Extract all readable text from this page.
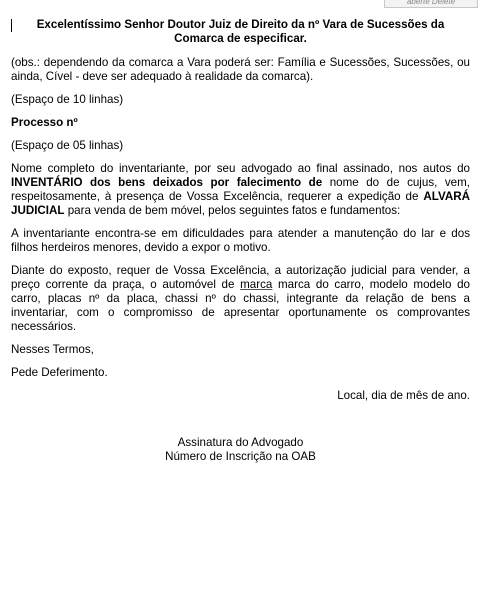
aberte Delete
Excelentíssimo Senhor Doutor Juiz de Direito da nº Vara de Sucessões da Comarca de especificar.

(obs.: dependendo da comarca a Vara poderá ser: Família e Sucessões, Sucessões, ou ainda, Cível - deve ser adequado à realidade da comarca).

(Espaço de 10 linhas)

Processo nº

(Espaço de 05 linhas)

Nome completo do inventariante, por seu advogado ao final assinado, nos autos do INVENTÁRIO dos bens deixados por falecimento de nome do de cujus, vem, respeitosamente, à presença de Vossa Excelência, requerer a expedição de ALVARÁ JUDICIAL para venda de bem móvel, pelos seguintes fatos e fundamentos:

A inventariante encontra-se em dificuldades para atender a manutenção do lar e dos filhos herdeiros menores, devido a expor o motivo.

Diante do exposto, requer de Vossa Excelência, a autorização judicial para vender, a preço corrente da praça, o automóvel de marca marca do carro, modelo modelo do carro, placas nº da placa, chassi nº do chassi, integrante da relação de bens a inventariar, com o compromisso de apresentar oportunamente os comprovantes necessários.

Nesses Termos,

Pede Deferimento.

Local, dia de mês de ano.

Assinatura do Advogado
Número de Inscrição na OAB
